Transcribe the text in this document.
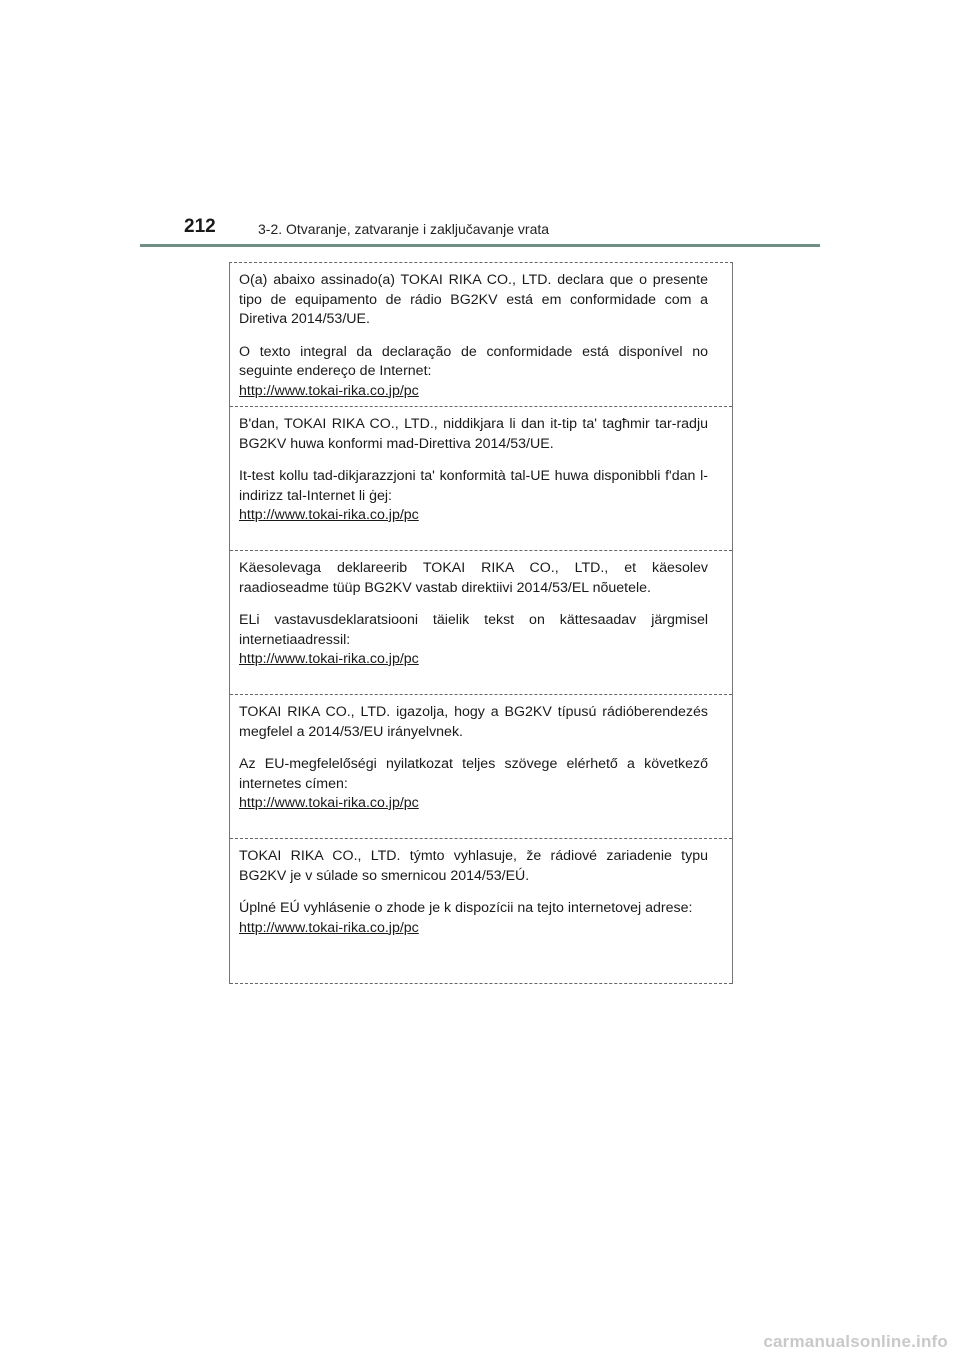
212	3-2. Otvaranje, zatvaranje i zaključavanje vrata

O(a) abaixo assinado(a) TOKAI RIKA CO., LTD. declara que o presente tipo de equipamento de rádio BG2KV está em conformidade com a Diretiva 2014/53/UE.

O texto integral da declaração de conformidade está disponível no seguinte endereço de Internet:

http://www.tokai-rika.co.jp/pc

B'dan, TOKAI RIKA CO., LTD., niddikjara li dan it-tip ta' tagħmir tar-radju BG2KV huwa konformi mad-Direttiva 2014/53/UE.

It-test kollu tad-dikjarazzjoni ta' konformità tal-UE huwa disponibbli f'dan l-indirizz tal-Internet li ġej:

http://www.tokai-rika.co.jp/pc

Käesolevaga deklareerib TOKAI RIKA CO., LTD., et käesolev raadioseadme tüüp BG2KV vastab direktiivi 2014/53/EL nõuetele.

ELi vastavusdeklaratsiooni täielik tekst on kättesaadav järgmisel internetiaadressil:

http://www.tokai-rika.co.jp/pc

TOKAI RIKA CO., LTD. igazolja, hogy a BG2KV típusú rádióberendezés megfelel a 2014/53/EU irányelvnek.

Az EU-megfelelőségi nyilatkozat teljes szövege elérhető a következő internetes címen:

http://www.tokai-rika.co.jp/pc

TOKAI RIKA CO., LTD. týmto vyhlasuje, že rádiové zariadenie typu BG2KV je v súlade so smernicou 2014/53/EÚ.

Úplné EÚ vyhlásenie o zhode je k dispozícii na tejto internetovej adrese:

http://www.tokai-rika.co.jp/pc
carmanualsonline.info
